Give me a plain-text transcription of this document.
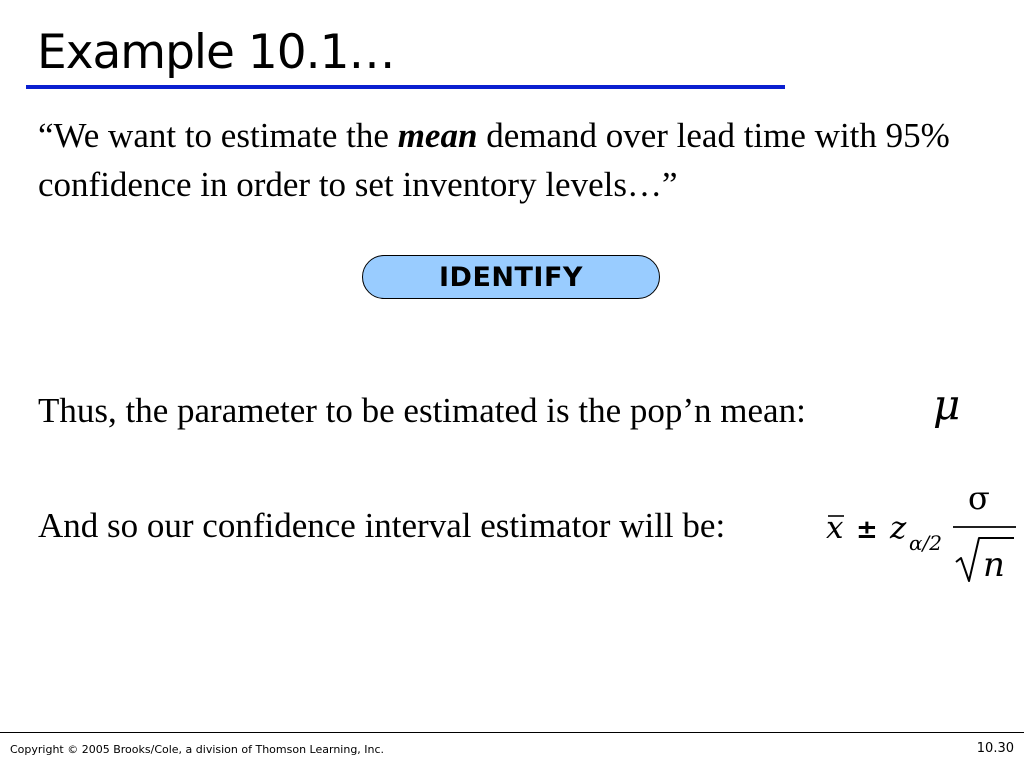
Example 10.1…
“We want to estimate the mean demand over lead time with 95% confidence in order to set inventory levels…”
IDENTIFY
Thus, the parameter to be estimated is the pop’n mean:	μ
And so our confidence interval estimator will be:	x ± z α/2
σ
n
Copyright © 2005 Brooks/Cole, a division of Thomson Learning, Inc.	10.30
